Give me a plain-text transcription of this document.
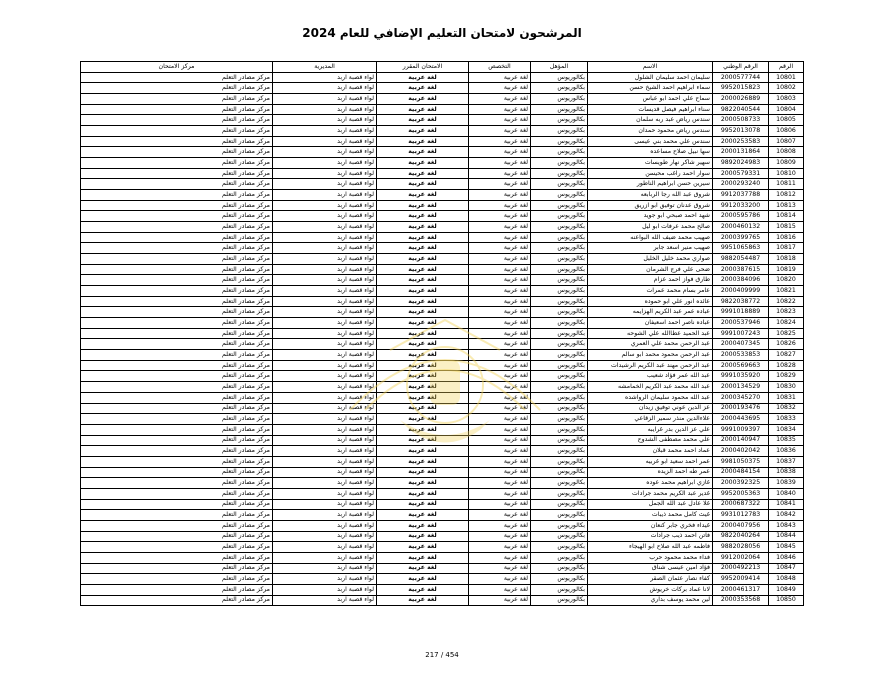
المرشحون لامتحان التعليم الإضافي للعام 2024
الرقم	الرقم الوطني	الاسم	المؤهل	التخصص	الامتحان المقرر	المديرية	مركز الامتحان
10801	2000577744	سليمان احمد سليمان الشلول	بكالوريوس	لغة عربية	لغة عربية	لواء قصبة اربد	مركز مصادر التعلم
10802	9952015823	سماء ابراهيم احمد الشيخ حسن	بكالوريوس	لغة عربية	لغة عربية	لواء قصبة اربد	مركز مصادر التعلم
10803	2000026889	سماح علي احمد ابو عباس	بكالوريوس	لغة عربية	لغة عربية	لواء قصبة اربد	مركز مصادر التعلم
10804	9822040544	سناء ابراهيم فيصل قديسات	بكالوريوس	لغة عربية	لغة عربية	لواء قصبة اربد	مركز مصادر التعلم
10805	2000508733	سندس رياض عبد ربه سلمان	بكالوريوس	لغة عربية	لغة عربية	لواء قصبة اربد	مركز مصادر التعلم
10806	9952013078	سندس رياض محمود حمدان	بكالوريوس	لغة عربية	لغة عربية	لواء قصبة اربد	مركز مصادر التعلم
10807	2000253583	سندس علي محمد بني عيسى	بكالوريوس	لغة عربية	لغة عربية	لواء قصبة اربد	مركز مصادر التعلم
10808	2000131864	سها نبيل صلاح مساعده	بكالوريوس	لغة عربية	لغة عربية	لواء قصبة اربد	مركز مصادر التعلم
10809	9892024983	سهير شاكر نهار طويسات	بكالوريوس	لغة عربية	لغة عربية	لواء قصبة اربد	مركز مصادر التعلم
10810	2000579331	سوار احمد راغب محيسن	بكالوريوس	لغة عربية	لغة عربية	لواء قصبة اربد	مركز مصادر التعلم
10811	2000293240	سيرين حسن ابراهيم الناطور	بكالوريوس	لغة عربية	لغة عربية	لواء قصبة اربد	مركز مصادر التعلم
10812	9912037788	شروق عبد الله رجا الربابعه	بكالوريوس	لغة عربية	لغة عربية	لواء قصبة اربد	مركز مصادر التعلم
10813	9912033200	شروق عدنان توفيق ابو ازريق	بكالوريوس	لغة عربية	لغة عربية	لواء قصبة اربد	مركز مصادر التعلم
10814	2000595786	شهد احمد صبحي ابو جويد	بكالوريوس	لغة عربية	لغة عربية	لواء قصبة اربد	مركز مصادر التعلم
10815	2000460132	صالح محمد عرفات ابو ليل	بكالوريوس	لغة عربية	لغة عربية	لواء قصبة اربد	مركز مصادر التعلم
10816	2000399765	صهيب محمد ضيف الله البواعنه	بكالوريوس	لغة عربية	لغة عربية	لواء قصبة اربد	مركز مصادر التعلم
10817	9951065863	صهيب منير اسعد جابر	بكالوريوس	لغة عربية	لغة عربية	لواء قصبة اربد	مركز مصادر التعلم
10818	9882054487	صواري محمد خليل الخليل	بكالوريوس	لغة عربية	لغة عربية	لواء قصبة اربد	مركز مصادر التعلم
10819	2000387615	ضحى علي فرج الشرمان	بكالوريوس	لغة عربية	لغة عربية	لواء قصبة اربد	مركز مصادر التعلم
10820	2000384096	طارق فواز احمد عزام	بكالوريوس	لغة عربية	لغة عربية	لواء قصبة اربد	مركز مصادر التعلم
10821	2000409999	عامر بسام محمد عمرات	بكالوريوس	لغة عربية	لغة عربية	لواء قصبة اربد	مركز مصادر التعلم
10822	9822038772	عائده انور علي ابو حموده	بكالوريوس	لغة عربية	لغة عربية	لواء قصبة اربد	مركز مصادر التعلم
10823	9991018889	عباده عمر عبد الكريم الهزايمه	بكالوريوس	لغة عربية	لغة عربية	لواء قصبة اربد	مركز مصادر التعلم
10824	2000537946	عباده ناصر احمد اسعيفان	بكالوريوس	لغة عربية	لغة عربية	لواء قصبة اربد	مركز مصادر التعلم
10825	9991007243	عبد الحميد عطاالله علي الشوحه	بكالوريوس	لغة عربية	لغة عربية	لواء قصبة اربد	مركز مصادر التعلم
10826	2000407345	عبد الرحمن محمد علي العمري	بكالوريوس	لغة عربية	لغة عربية	لواء قصبة اربد	مركز مصادر التعلم
10827	2000533853	عبد الرحمن محمود محمد ابو سالم	بكالوريوس	لغة عربية	لغة عربية	لواء قصبة اربد	مركز مصادر التعلم
10828	2000569663	عبد الرحمن مهند عبد الكريم الرشيدات	بكالوريوس	لغة عربية	لغة عربية	لواء قصبة اربد	مركز مصادر التعلم
10829	9991035920	عبد الله عمر فؤاد شعيب	بكالوريوس	لغة عربية	لغة عربية	لواء قصبة اربد	مركز مصادر التعلم
10830	2000134529	عبد الله محمد عبد الكريم الخمامشه	بكالوريوس	لغة عربية	لغة عربية	لواء قصبة اربد	مركز مصادر التعلم
10831	2000345270	عبد الله محمود سليمان الرواشده	بكالوريوس	لغة عربية	لغة عربية	لواء قصبة اربد	مركز مصادر التعلم
10832	2000193476	عز الدين عوني توفيق زيدان	بكالوريوس	لغة عربية	لغة عربية	لواء قصبة اربد	مركز مصادر التعلم
10833	2000443695	علاءالدين منذر سمير الزقاعي	بكالوريوس	لغة عربية	لغة عربية	لواء قصبة اربد	مركز مصادر التعلم
10834	9991009397	علي عز الدين بدر غرايبه	بكالوريوس	لغة عربية	لغة عربية	لواء قصبة اربد	مركز مصادر التعلم
10835	2000140947	علي محمد مصطفى الشدوح	بكالوريوس	لغة عربية	لغة عربية	لواء قصبة اربد	مركز مصادر التعلم
10836	2000402042	عماد احمد محمد قبلان	بكالوريوس	لغة عربية	لغة عربية	لواء قصبة اربد	مركز مصادر التعلم
10837	9981050375	عمر احمد سعيد ابو غربيه	بكالوريوس	لغة عربية	لغة عربية	لواء قصبة اربد	مركز مصادر التعلم
10838	2000484154	عمر طه احمد الزيده	بكالوريوس	لغة عربية	لغة عربية	لواء قصبة اربد	مركز مصادر التعلم
10839	2000392325	غازي ابراهيم محمد عوده	بكالوريوس	لغة عربية	لغة عربية	لواء قصبة اربد	مركز مصادر التعلم
10840	9952005363	غدير عبد الكريم محمد جرادات	بكالوريوس	لغة عربية	لغة عربية	لواء قصبة اربد	مركز مصادر التعلم
10841	2000687322	غلا عادل عبد الله الجمل	بكالوريوس	لغة عربية	لغة عربية	لواء قصبة اربد	مركز مصادر التعلم
10842	9931012783	غيث كامل محمد ذيبات	بكالوريوس	لغة عربية	لغة عربية	لواء قصبة اربد	مركز مصادر التعلم
10843	2000407956	غيداء فخري جابر كنعان	بكالوريوس	لغة عربية	لغة عربية	لواء قصبة اربد	مركز مصادر التعلم
10844	9822040264	فاتن احمد ذيب جرادات	بكالوريوس	لغة عربية	لغة عربية	لواء قصبة اربد	مركز مصادر التعلم
10845	9882028056	فاطمه عبد الله صلاح ابو الهيجاء	بكالوريوس	لغة عربية	لغة عربية	لواء قصبة اربد	مركز مصادر التعلم
10846	9912002064	فداء محمد محمود حرب	بكالوريوس	لغة عربية	لغة عربية	لواء قصبة اربد	مركز مصادر التعلم
10847	2000492213	فؤاد امين عيسى شناق	بكالوريوس	لغة عربية	لغة عربية	لواء قصبة اربد	مركز مصادر التعلم
10848	9952009414	كفاء نصار عثمان الصقر	بكالوريوس	لغة عربية	لغة عربية	لواء قصبة اربد	مركز مصادر التعلم
10849	2000461317	لانا عماد بركات خريوش	بكالوريوس	لغة عربية	لغة عربية	لواء قصبة اربد	مركز مصادر التعلم
10850	2000353568	لين محمد يوسف بداري	بكالوريوس	لغة عربية	لغة عربية	لواء قصبة اربد	مركز مصادر التعلم
217 / 454
